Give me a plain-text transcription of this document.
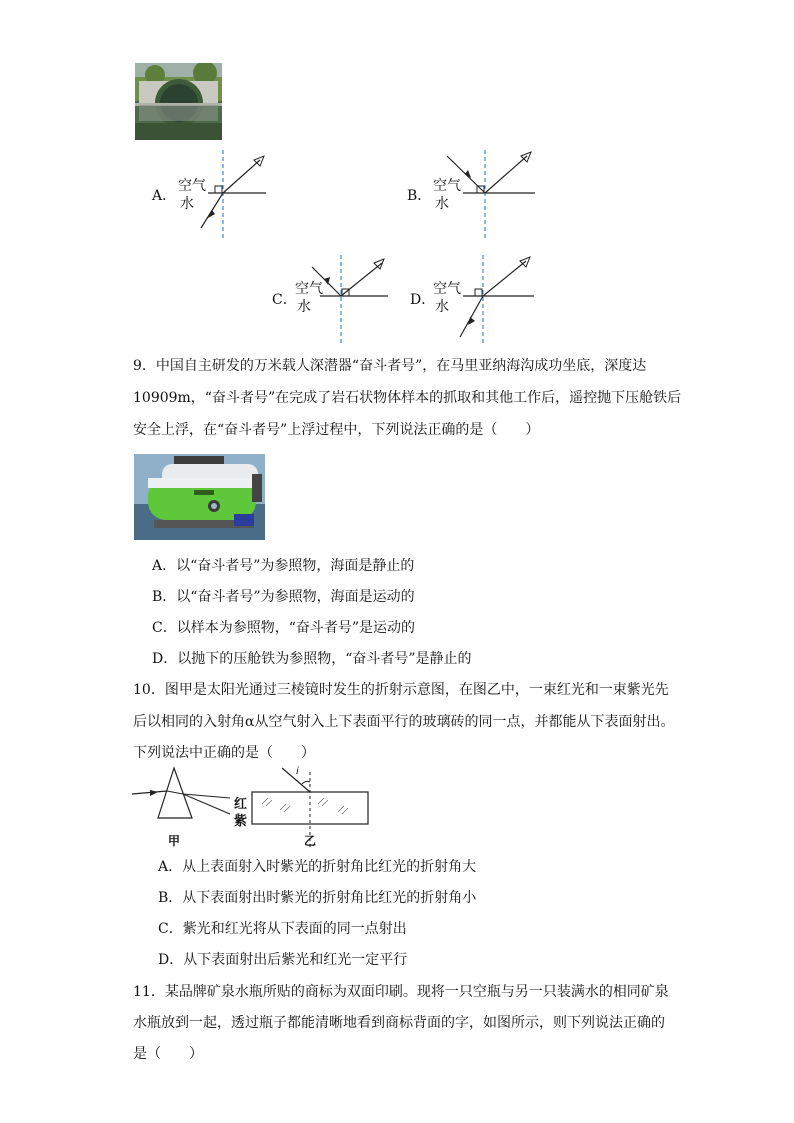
A．
空气
水	B．
空气
水
C．
空气
水	D．
空气
水
9．中国自主研发的万米载人深潜器“奋斗者号”，在马里亚纳海沟成功坐底，深度达
10909m，“奋斗者号”在完成了岩石状物体样本的抓取和其他工作后，遥控抛下压舱铁后
安全上浮，在“奋斗者号”上浮过程中，下列说法正确的是（　　）
A．以“奋斗者号”为参照物，海面是静止的
B．以“奋斗者号”为参照物，海面是运动的
C．以样本为参照物，“奋斗者号”是运动的
D．以抛下的压舱铁为参照物，“奋斗者号”是静止的
10．图甲是太阳光通过三棱镜时发生的折射示意图，在图乙中，一束红光和一束紫光先
后以相同的入射角α从空气射入上下表面平行的玻璃砖的同一点，并都能从下表面射出。
下列说法中正确的是（　　）
i
红
紫
甲	乙
A．从上表面射入时紫光的折射角比红光的折射角大
B．从下表面射出时紫光的折射角比红光的折射角小
C．紫光和红光将从下表面的同一点射出
D．从下表面射出后紫光和红光一定平行
11．某品牌矿泉水瓶所贴的商标为双面印刷。现将一只空瓶与另一只装满水的相同矿泉
水瓶放到一起，透过瓶子都能清晰地看到商标背面的字，如图所示，则下列说法正确的
是（　　）
